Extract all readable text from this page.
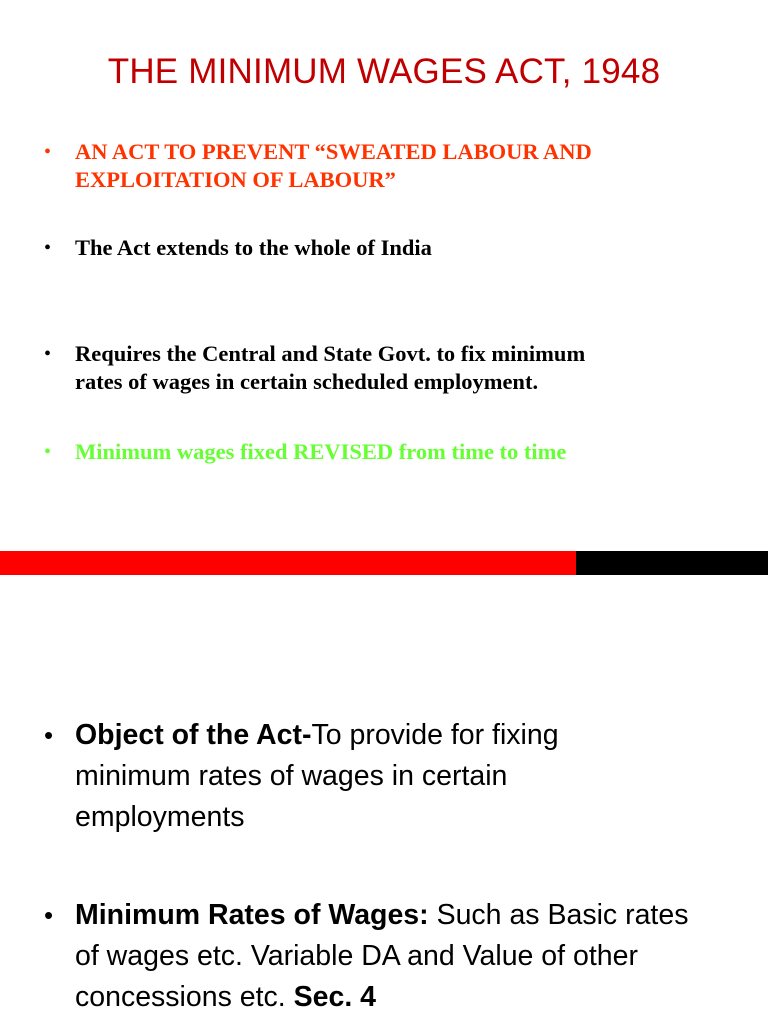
THE MINIMUM WAGES ACT, 1948
• AN ACT TO PREVENT “SWEATED LABOUR AND
EXPLOITATION OF LABOUR”
• The Act extends to the whole of India
• Requires the Central and State Govt. to fix minimum
rates of wages in certain scheduled employment.
• Minimum wages fixed REVISED from time to time
• Object of the Act-To provide for fixing
minimum rates of wages in certain
employments
• Minimum Rates of Wages: Such as Basic rates
of wages etc. Variable DA and Value of other
concessions etc. Sec. 4
